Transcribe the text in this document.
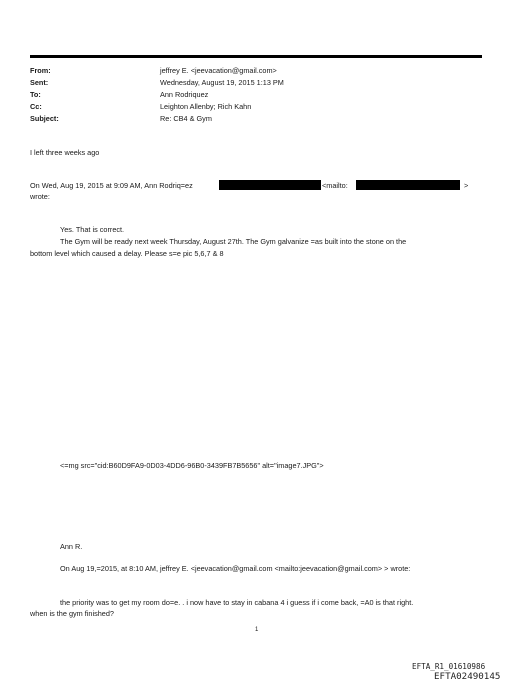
From:	jeffrey E. <jeevacation@gmail.com>
Sent:	Wednesday, August 19, 2015 1:13 PM
To:	Ann Rodriquez
Cc:	Leighton Allenby; Rich Kahn
Subject:	Re: CB4 & Gym
I left three weeks ago
On Wed, Aug 19, 2015 at 9:09 AM, Ann Rodriq=ez	<mailto:	>
wrote:
Yes. That is correct.
The Gym will be ready next week Thursday, August 27th. The Gym galvanize =as built into the stone on the
bottom level which caused a delay. Please s=e pic 5,6,7 & 8
<=mg src="cid:B60D9FA9-0D03-4DD6-96B0-3439FB7B5656" alt="image7.JPG">
Ann R.
On Aug 19,=2015, at 8:10 AM, jeffrey E. <jeevacation@gmail.com <mailto:jeevacation@gmail.com> > wrote:
the priority was to get my room do=e. . i now have to stay in cabana 4 i guess if i come back, =A0 is that right.
when is the gym finished?
1
EFTA_R1_01610986
EFTA02490145
